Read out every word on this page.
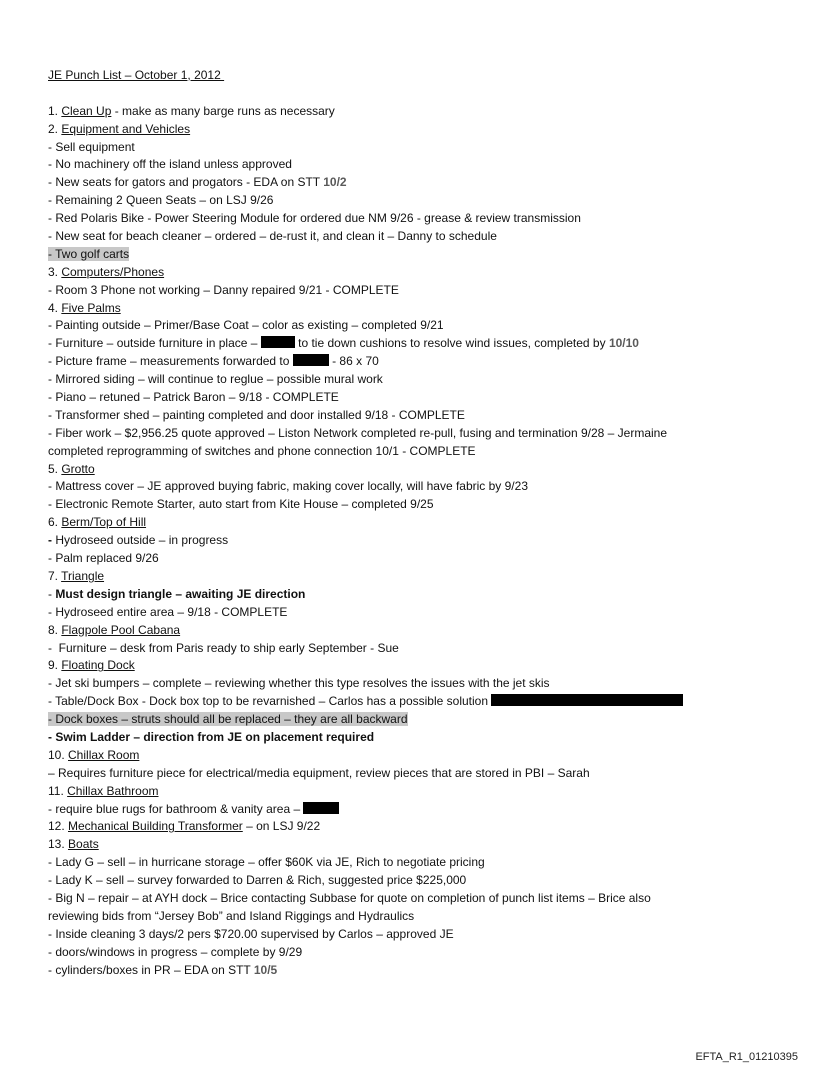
JE Punch List – October 1, 2012
1. Clean Up - make as many barge runs as necessary
2. Equipment and Vehicles
- Sell equipment
- No machinery off the island unless approved
- New seats for gators and progators - EDA on STT 10/2
- Remaining 2 Queen Seats – on LSJ 9/26
- Red Polaris Bike - Power Steering Module for ordered due NM 9/26 - grease & review transmission
- New seat for beach cleaner – ordered – de-rust it, and clean it – Danny to schedule
- Two golf carts
3. Computers/Phones
- Room 3 Phone not working – Danny repaired 9/21 - COMPLETE
4. Five Palms
- Painting outside – Primer/Base Coat – color as existing – completed 9/21
- Furniture – outside furniture in place –	to tie down cushions to resolve wind issues, completed by 10/10
- Picture frame – measurements forwarded to	- 86 x 70
- Mirrored siding – will continue to reglue – possible mural work
- Piano – retuned – Patrick Baron – 9/18 - COMPLETE
- Transformer shed – painting completed and door installed 9/18 - COMPLETE
- Fiber work – $2,956.25 quote approved – Liston Network completed re-pull, fusing and termination 9/28 – Jermaine
completed reprogramming of switches and phone connection 10/1 - COMPLETE
5. Grotto
- Mattress cover – JE approved buying fabric, making cover locally, will have fabric by 9/23
- Electronic Remote Starter, auto start from Kite House – completed 9/25
6. Berm/Top of Hill
- Hydroseed outside – in progress
- Palm replaced 9/26
7. Triangle
- Must design triangle – awaiting JE direction
- Hydroseed entire area – 9/18 - COMPLETE
8. Flagpole Pool Cabana
-  Furniture – desk from Paris ready to ship early September - Sue
9. Floating Dock
- Jet ski bumpers – complete – reviewing whether this type resolves the issues with the jet skis
- Table/Dock Box - Dock box top to be revarnished – Carlos has a possible solution
- Dock boxes – struts should all be replaced – they are all backward
- Swim Ladder – direction from JE on placement required
10. Chillax Room
– Requires furniture piece for electrical/media equipment, review pieces that are stored in PBI – Sarah
11. Chillax Bathroom
- require blue rugs for bathroom & vanity area –
12. Mechanical Building Transformer – on LSJ 9/22
13. Boats
- Lady G – sell – in hurricane storage – offer $60K via JE, Rich to negotiate pricing
- Lady K – sell – survey forwarded to Darren & Rich, suggested price $225,000
- Big N – repair – at AYH dock – Brice contacting Subbase for quote on completion of punch list items – Brice also
reviewing bids from “Jersey Bob” and Island Riggings and Hydraulics
- Inside cleaning 3 days/2 pers $720.00 supervised by Carlos – approved JE
- doors/windows in progress – complete by 9/29
- cylinders/boxes in PR – EDA on STT 10/5
EFTA_R1_01210395
